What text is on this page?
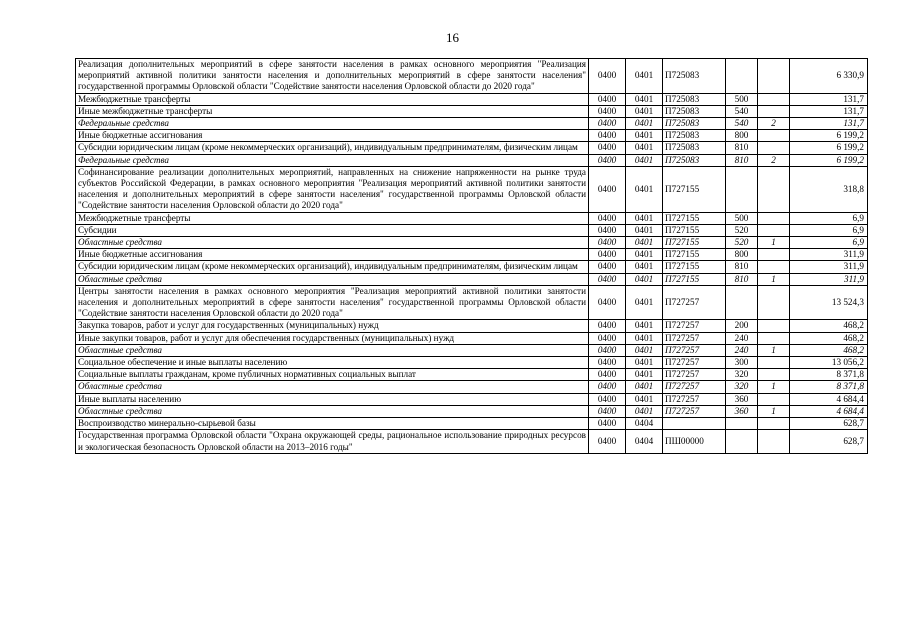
16
Реализация дополнительных мероприятий в сфере занятости населения в рамках основного мероприятия "Реализация мероприятий активной политики занятости населения и дополнительных мероприятий в сфере занятости населения" государственной программы Орловской области "Содействие занятости населения Орловской области до 2020 года"	0400	0401	П725083			6 330,9
Межбюджетные трансферты	0400	0401	П725083	500		131,7
Иные межбюджетные трансферты	0400	0401	П725083	540		131,7
Федеральные средства	0400	0401	П725083	540	2	131,7
Иные бюджетные ассигнования	0400	0401	П725083	800		6 199,2
Субсидии юридическим лицам (кроме некоммерческих организаций), индивидуальным предпринимателям, физическим лицам	0400	0401	П725083	810		6 199,2
Федеральные средства	0400	0401	П725083	810	2	6 199,2
Софинансирование реализации дополнительных мероприятий, направленных на снижение напряженности на рынке труда субъектов Российской Федерации, в рамках основного мероприятия "Реализация мероприятий активной политики занятости населения и дополнительных мероприятий в сфере занятости населения" государственной программы Орловской области "Содействие занятости населения Орловской области до 2020 года"	0400	0401	П727155			318,8
Межбюджетные трансферты	0400	0401	П727155	500		6,9
Субсидии	0400	0401	П727155	520		6,9
Областные средства	0400	0401	П727155	520	1	6,9
Иные бюджетные ассигнования	0400	0401	П727155	800		311,9
Субсидии юридическим лицам (кроме некоммерческих организаций), индивидуальным предпринимателям, физическим лицам	0400	0401	П727155	810		311,9
Областные средства	0400	0401	П727155	810	1	311,9
Центры занятости населения в рамках основного мероприятия "Реализация мероприятий активной политики занятости населения и дополнительных мероприятий в сфере занятости населения" государственной программы Орловской области "Содействие занятости населения Орловской области до 2020 года"	0400	0401	П727257			13 524,3
Закупка товаров, работ и услуг для государственных (муниципальных) нужд	0400	0401	П727257	200		468,2
Иные закупки товаров, работ и услуг для обеспечения государственных (муниципальных) нужд	0400	0401	П727257	240		468,2
Областные средства	0400	0401	П727257	240	1	468,2
Социальное обеспечение и иные выплаты населению	0400	0401	П727257	300		13 056,2
Социальные выплаты гражданам, кроме публичных нормативных социальных выплат	0400	0401	П727257	320		8 371,8
Областные средства	0400	0401	П727257	320	1	8 371,8
Иные выплаты населению	0400	0401	П727257	360		4 684,4
Областные средства	0400	0401	П727257	360	1	4 684,4
Воспроизводство минерально-сырьевой базы	0400	0404				628,7
Государственная программа Орловской области "Охрана окружающей среды, рациональное использование природных ресурсов и экологическая безопасность Орловской области на 2013–2016 годы"	0400	0404	ПШ00000			628,7
